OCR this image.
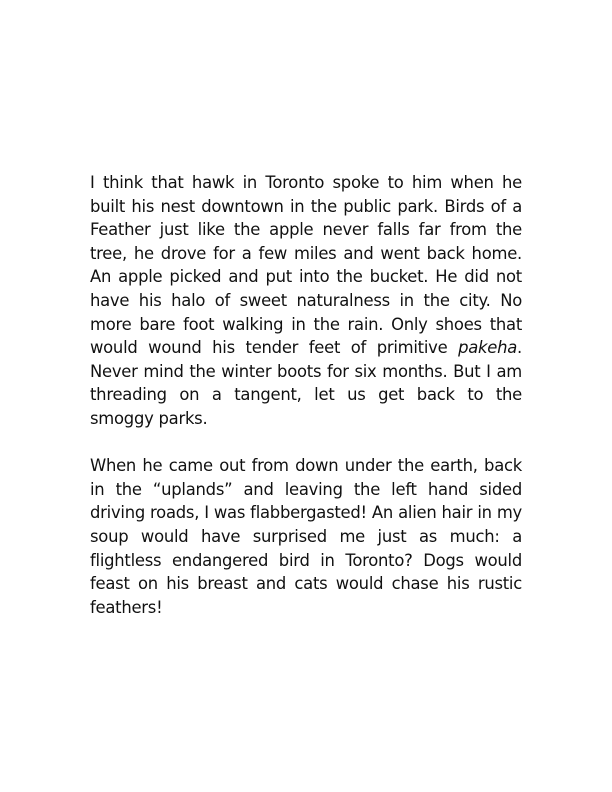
I think that hawk in Toronto spoke to him when he
built his nest downtown in the public park. Birds of a
Feather just like the apple never falls far from the
tree, he drove for a few miles and went back home.
An apple picked and put into the bucket. He did not
have his halo of sweet naturalness in the city. No
more bare foot walking in the rain. Only shoes that
would wound his tender feet of primitive pakeha.
Never mind the winter boots for six months. But I am
threading on a tangent, let us get back to the
smoggy parks.

When he came out from down under the earth, back
in the “uplands” and leaving the left hand sided
driving roads, I was flabbergasted! An alien hair in my
soup would have surprised me just as much: a
flightless endangered bird in Toronto? Dogs would
feast on his breast and cats would chase his rustic
feathers!
